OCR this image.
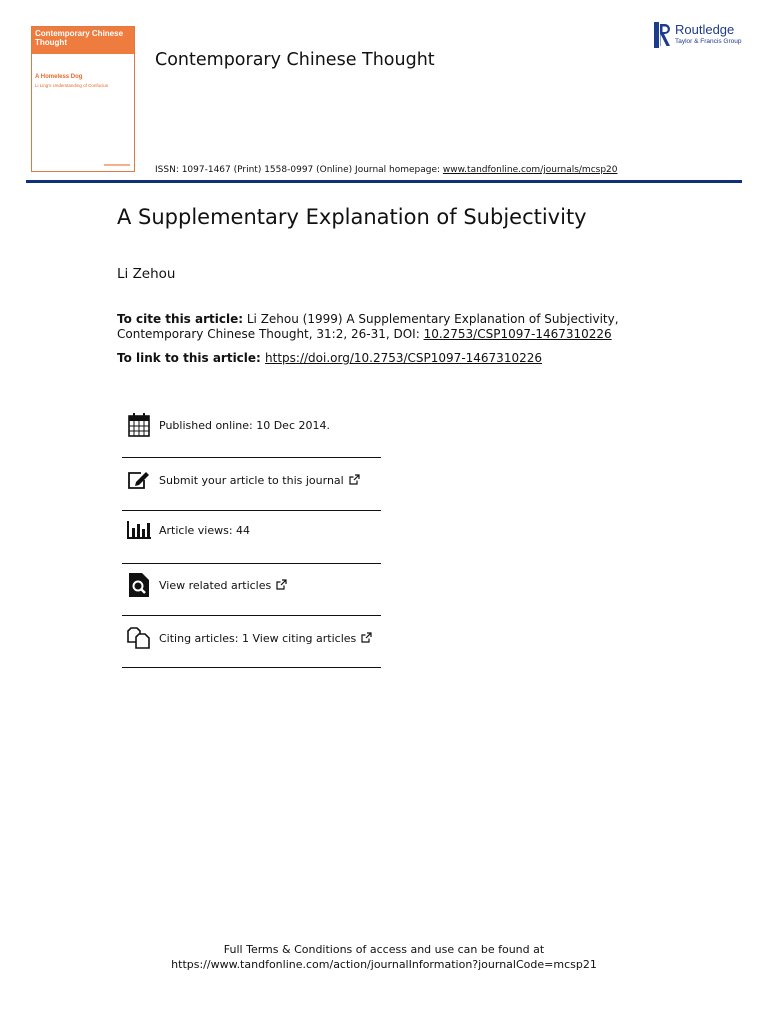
Contemporary Chinese Thought
A Homeless Dog
Li Ling's Understanding of Confucius
Contemporary Chinese Thought
Routledge
Taylor & Francis Group
ISSN: 1097-1467 (Print) 1558-0997 (Online) Journal homepage: www.tandfonline.com/journals/mcsp20
A Supplementary Explanation of Subjectivity
Li Zehou
To cite this article: Li Zehou (1999) A Supplementary Explanation of Subjectivity, Contemporary Chinese Thought, 31:2, 26-31, DOI: 10.2753/CSP1097-1467310226
To link to this article: https://doi.org/10.2753/CSP1097-1467310226
Published online: 10 Dec 2014.
Submit your article to this journal
Article views: 44
View related articles
Citing articles: 1 View citing articles
Full Terms & Conditions of access and use can be found at
https://www.tandfonline.com/action/journalInformation?journalCode=mcsp21
